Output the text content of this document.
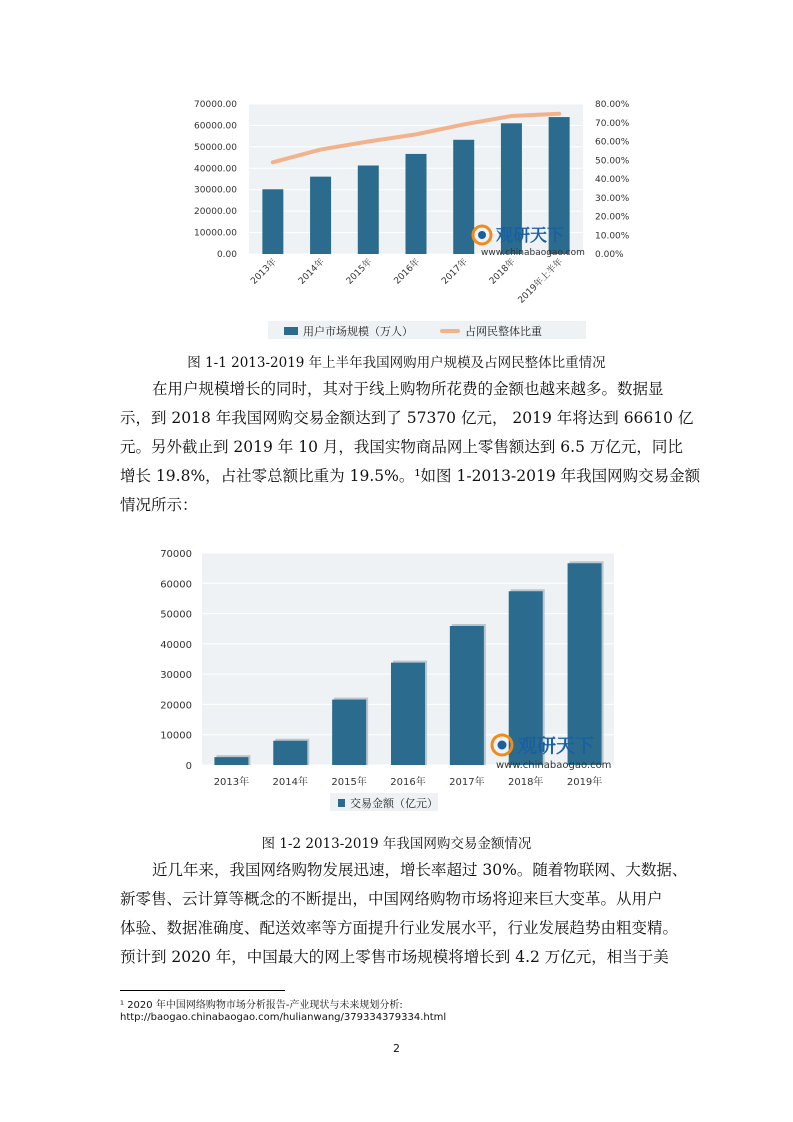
0.00
10000.00
20000.00
30000.00
40000.00
50000.00
60000.00
70000.00
0.00%
10.00%
20.00%
30.00%
40.00%
50.00%
60.00%
70.00%
80.00%
2013年 2014年 2015年 2016年 2017年 2018年
2019年上半年
观研天下
www.chinabaogao.com
用户市场规模（万人）	占网民整体比重
图 1-1 2013-2019 年上半年我国网购用户规模及占网民整体比重情况
在用户规模增长的同时，其对于线上购物所花费的金额也越来越多。数据显
示，到 2018 年我国网购交易金额达到了 57370 亿元， 2019 年将达到 66610 亿
元。另外截止到 2019 年 10 月，我国实物商品网上零售额达到 6.5 万亿元，同比
增长 19.8%，占社零总额比重为 19.5%。¹如图 1-2013-2019 年我国网购交易金额
情况所示：
0
10000
20000
30000
40000
50000
60000
70000
2013年 2014年 2015年 2016年 2017年 2018年 2019年
观研天下
www.chinabaogao.com
交易金额（亿元）
图 1-2 2013-2019 年我国网购交易金额情况
近几年来，我国网络购物发展迅速，增长率超过 30%。随着物联网、大数据、
新零售、云计算等概念的不断提出，中国网络购物市场将迎来巨大变革。从用户
体验、数据准确度、配送效率等方面提升行业发展水平，行业发展趋势由粗变精。
预计到 2020 年，中国最大的网上零售市场规模将增长到 4.2 万亿元，相当于美
¹ 2020 年中国网络购物市场分析报告-产业现状与未来规划分析:
http://baogao.chinabaogao.com/hulianwang/379334379334.html
2
